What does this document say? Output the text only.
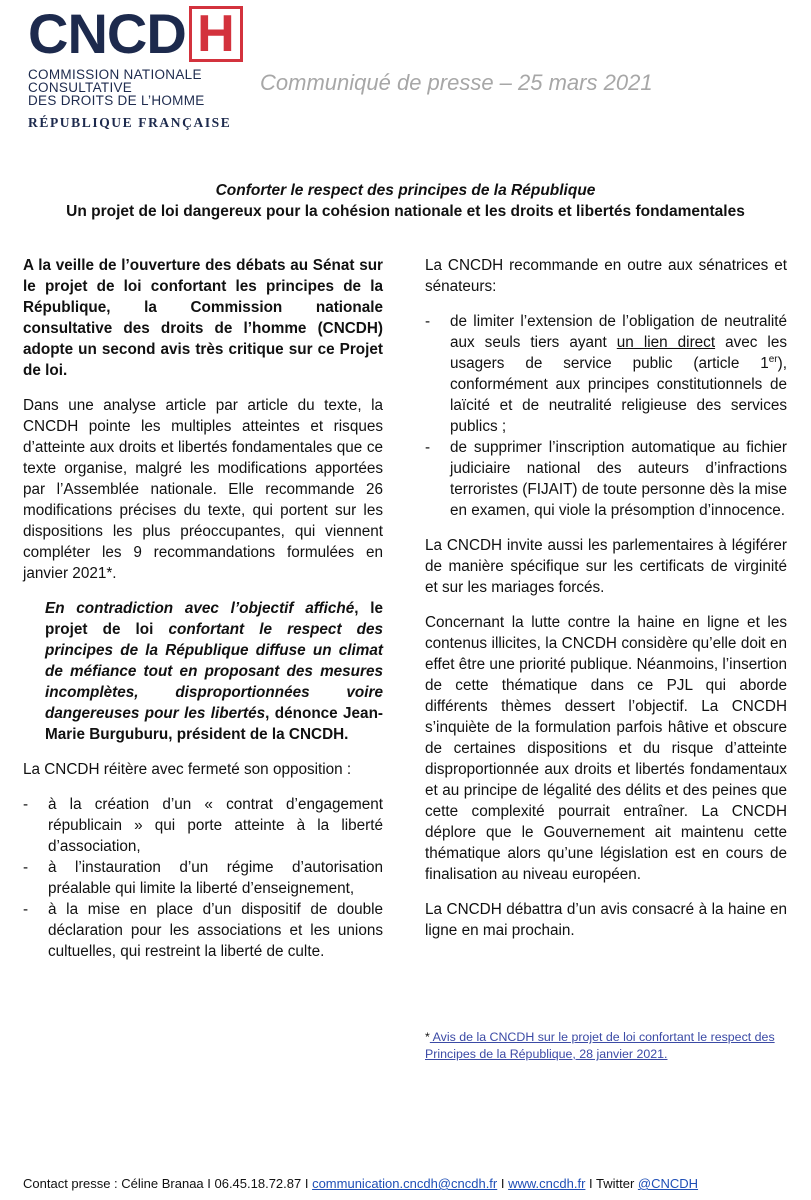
CNCD H
COMMISSION NATIONALE
CONSULTATIVE
DES DROITS DE L’HOMME
RÉPUBLIQUE FRANÇAISE
Communiqué de presse – 25 mars 2021

Conforter le respect des principes de la République

Un projet de loi dangereux pour la cohésion nationale et les droits et libertés fondamentales

A la veille de l’ouverture des débats au Sénat sur le projet de loi confortant les principes de la République, la Commission nationale consultative des droits de l’homme (CNCDH) adopte un second avis très critique sur ce Projet de loi.

Dans une analyse article par article du texte, la CNCDH pointe les multiples atteintes et risques d’atteinte aux droits et libertés fondamentales que ce texte organise, malgré les modifications apportées par l’Assemblée nationale. Elle recommande 26 modifications précises du texte, qui portent sur les dispositions les plus préoccupantes, qui viennent compléter les 9 recommandations formulées en janvier 2021*.

En contradiction avec l’objectif affiché, le projet de loi confortant le respect des principes de la République diffuse un climat de méfiance tout en proposant des mesures incomplètes, disproportionnées voire dangereuses pour les libertés, dénonce Jean-Marie Burguburu, président de la CNCDH.

La CNCDH réitère avec fermeté son opposition :

- à la création d’un « contrat d’engagement républicain » qui porte atteinte à la liberté d’association,
- à l’instauration d’un régime d’autorisation préalable qui limite la liberté d’enseignement,
- à la mise en place d’un dispositif de double déclaration pour les associations et les unions cultuelles, qui restreint la liberté de culte.

La CNCDH recommande en outre aux sénatrices et sénateurs:

- de limiter l’extension de l’obligation de neutralité aux seuls tiers ayant un lien direct avec les usagers de service public (article 1er), conformément aux principes constitutionnels de laïcité et de neutralité religieuse des services publics ;
- de supprimer l’inscription automatique au fichier judiciaire national des auteurs d’infractions terroristes (FIJAIT) de toute personne dès la mise en examen, qui viole la présomption d’innocence.

La CNCDH invite aussi les parlementaires à légiférer de manière spécifique sur les certificats de virginité et sur les mariages forcés.

Concernant la lutte contre la haine en ligne et les contenus illicites, la CNCDH considère qu’elle doit en effet être une priorité publique. Néanmoins, l’insertion de cette thématique dans ce PJL qui aborde différents thèmes dessert l’objectif. La CNCDH s’inquiète de la formulation parfois hâtive et obscure de certaines dispositions et du risque d’atteinte disproportionnée aux droits et libertés fondamentaux et au principe de légalité des délits et des peines que cette complexité pourrait entraîner. La CNCDH déplore que le Gouvernement ait maintenu cette thématique alors qu’une législation est en cours de finalisation au niveau européen.

La CNCDH débattra d’un avis consacré à la haine en ligne en mai prochain.

* Avis de la CNCDH sur le projet de loi confortant le respect des Principes de la République, 28 janvier 2021.
Contact presse : Céline Branaa I 06.45.18.72.87 I communication.cncdh@cncdh.fr I www.cncdh.fr I Twitter @CNCDH
